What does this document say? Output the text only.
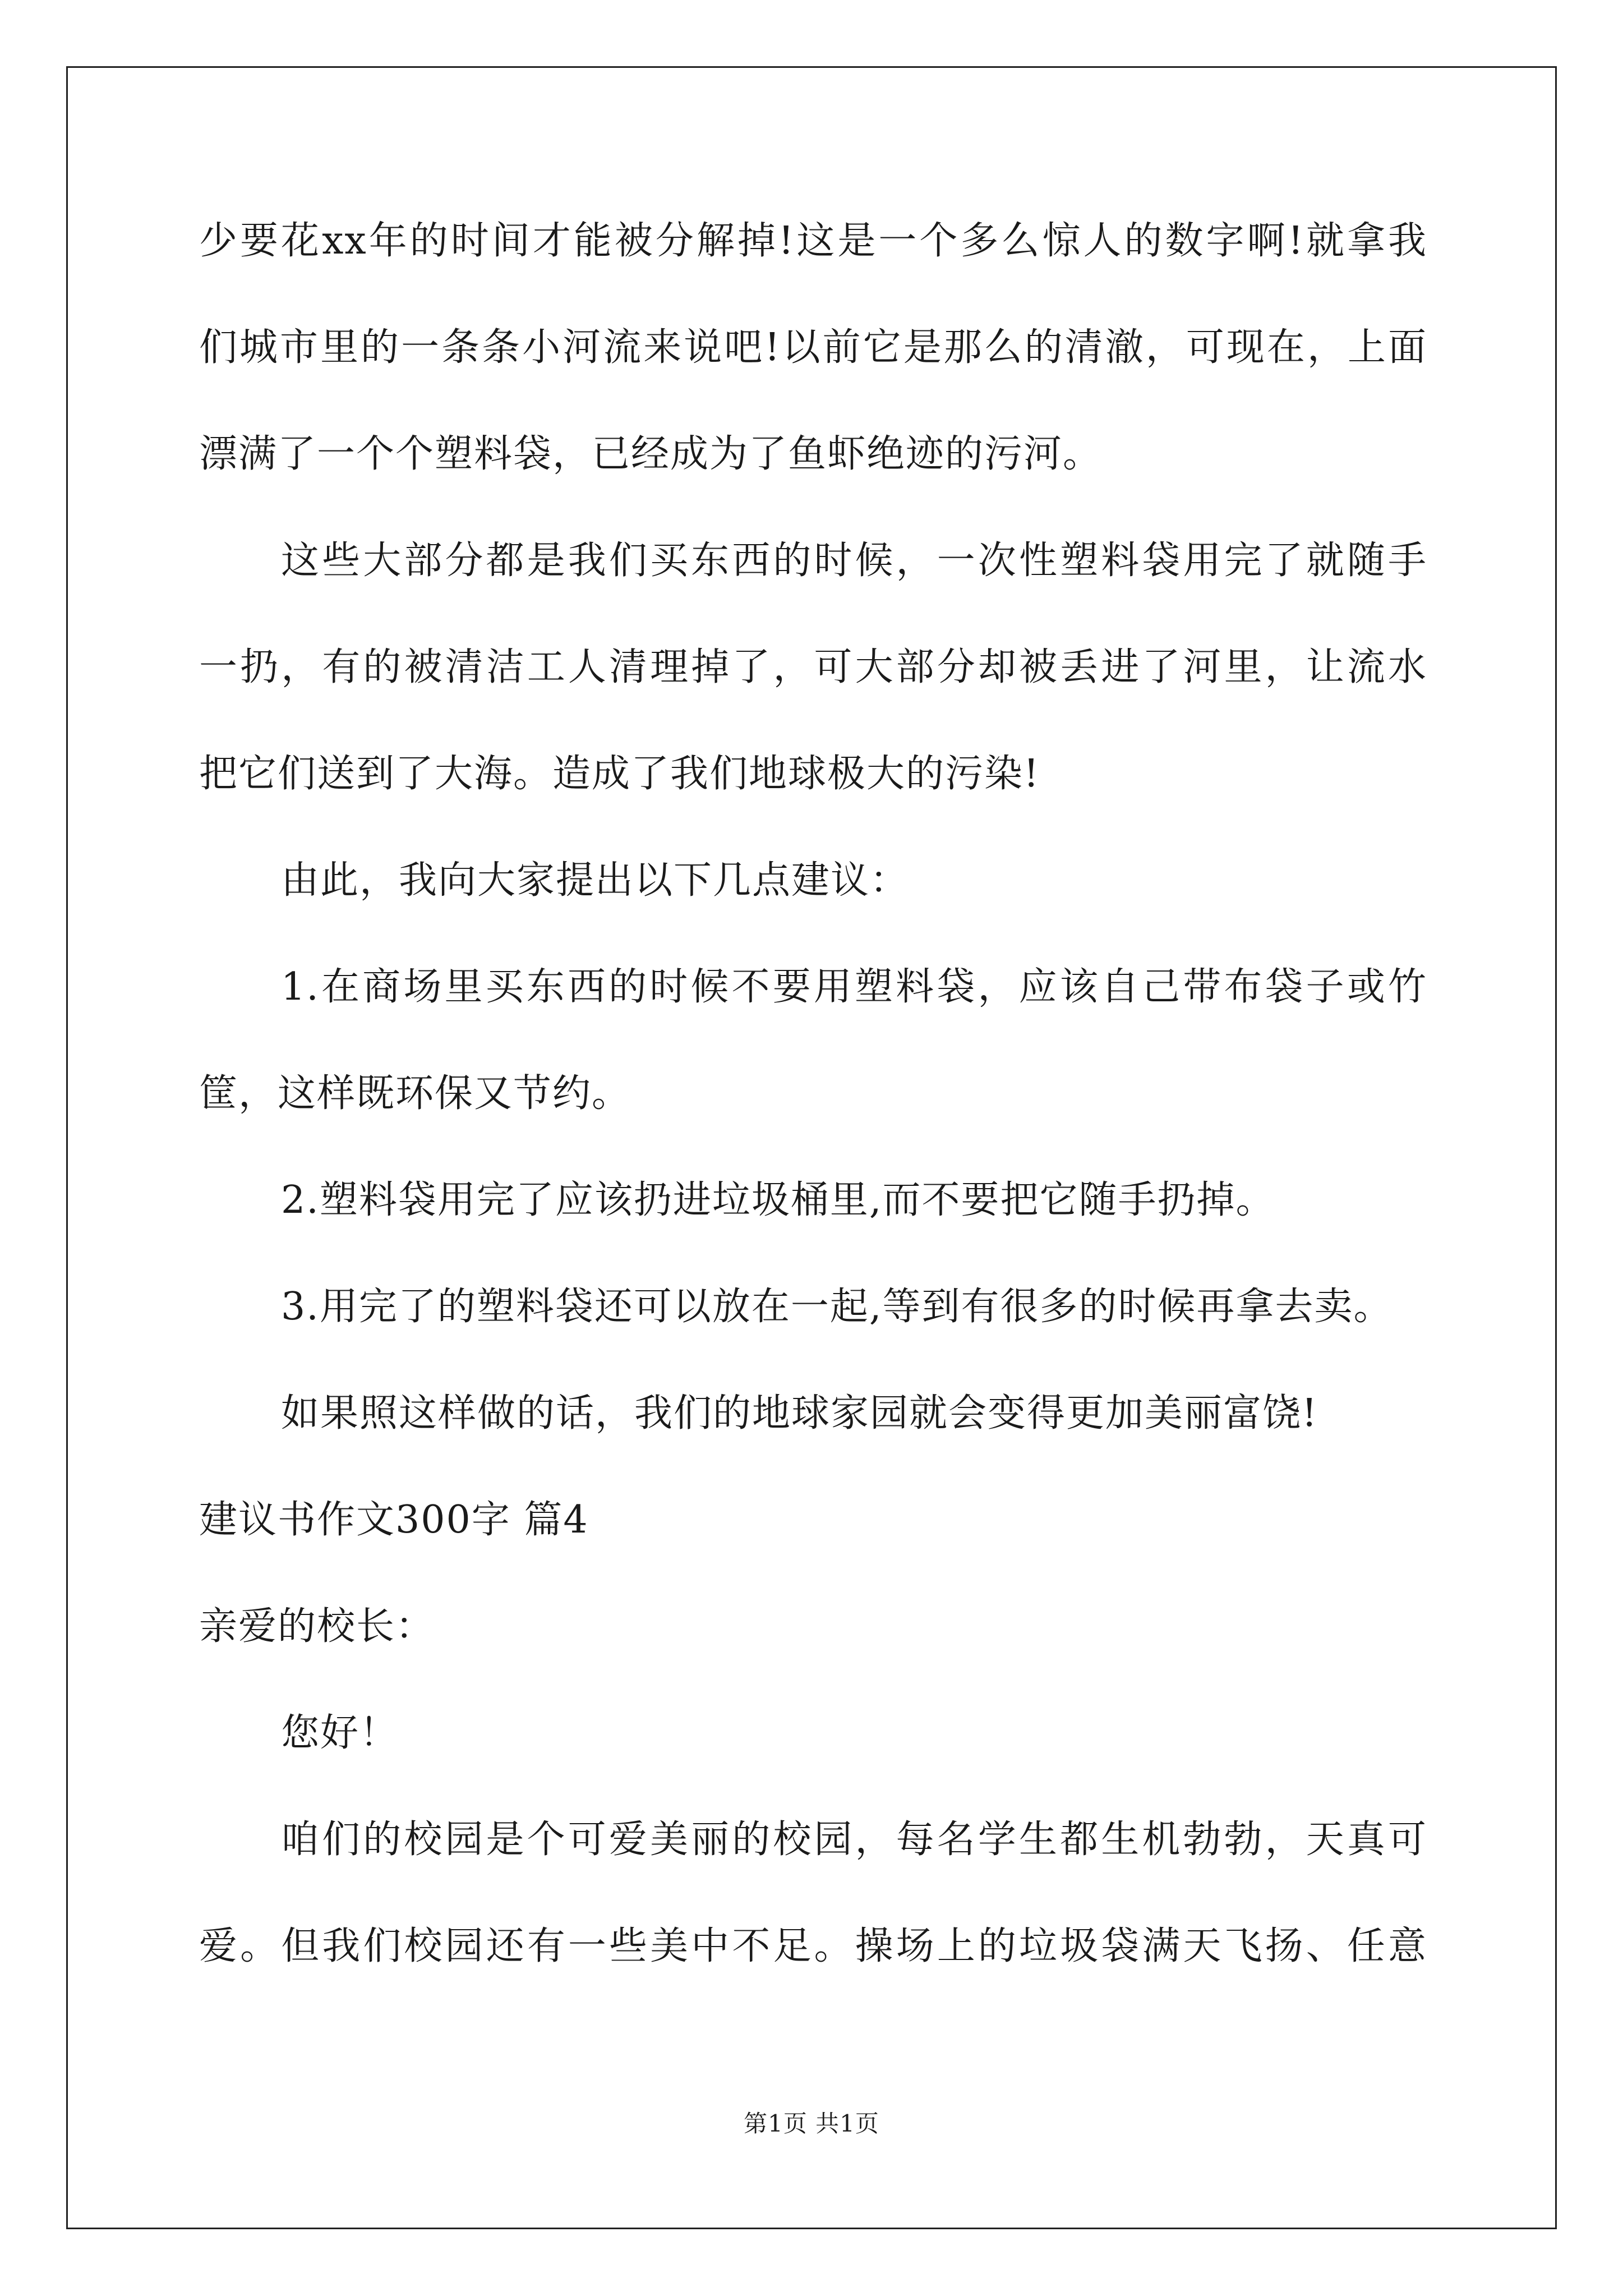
少要花xx年的时间才能被分解掉!这是一个多么惊人的数字啊!就拿我
们城市里的一条条小河流来说吧!以前它是那么的清澈，可现在，上面
漂满了一个个塑料袋，已经成为了鱼虾绝迹的污河。
这些大部分都是我们买东西的时候，一次性塑料袋用完了就随手
一扔，有的被清洁工人清理掉了，可大部分却被丢进了河里，让流水
把它们送到了大海。造成了我们地球极大的污染!
由此，我向大家提出以下几点建议：
1.在商场里买东西的时候不要用塑料袋，应该自己带布袋子或竹
筐，这样既环保又节约。
2.塑料袋用完了应该扔进垃圾桶里,而不要把它随手扔掉。
3.用完了的塑料袋还可以放在一起,等到有很多的时候再拿去卖。
如果照这样做的话，我们的地球家园就会变得更加美丽富饶!
建议书作文300字 篇4
亲爱的校长：
您好！
咱们的校园是个可爱美丽的校园，每名学生都生机勃勃，天真可
爱。但我们校园还有一些美中不足。操场上的垃圾袋满天飞扬、任意
第1页 共1页
